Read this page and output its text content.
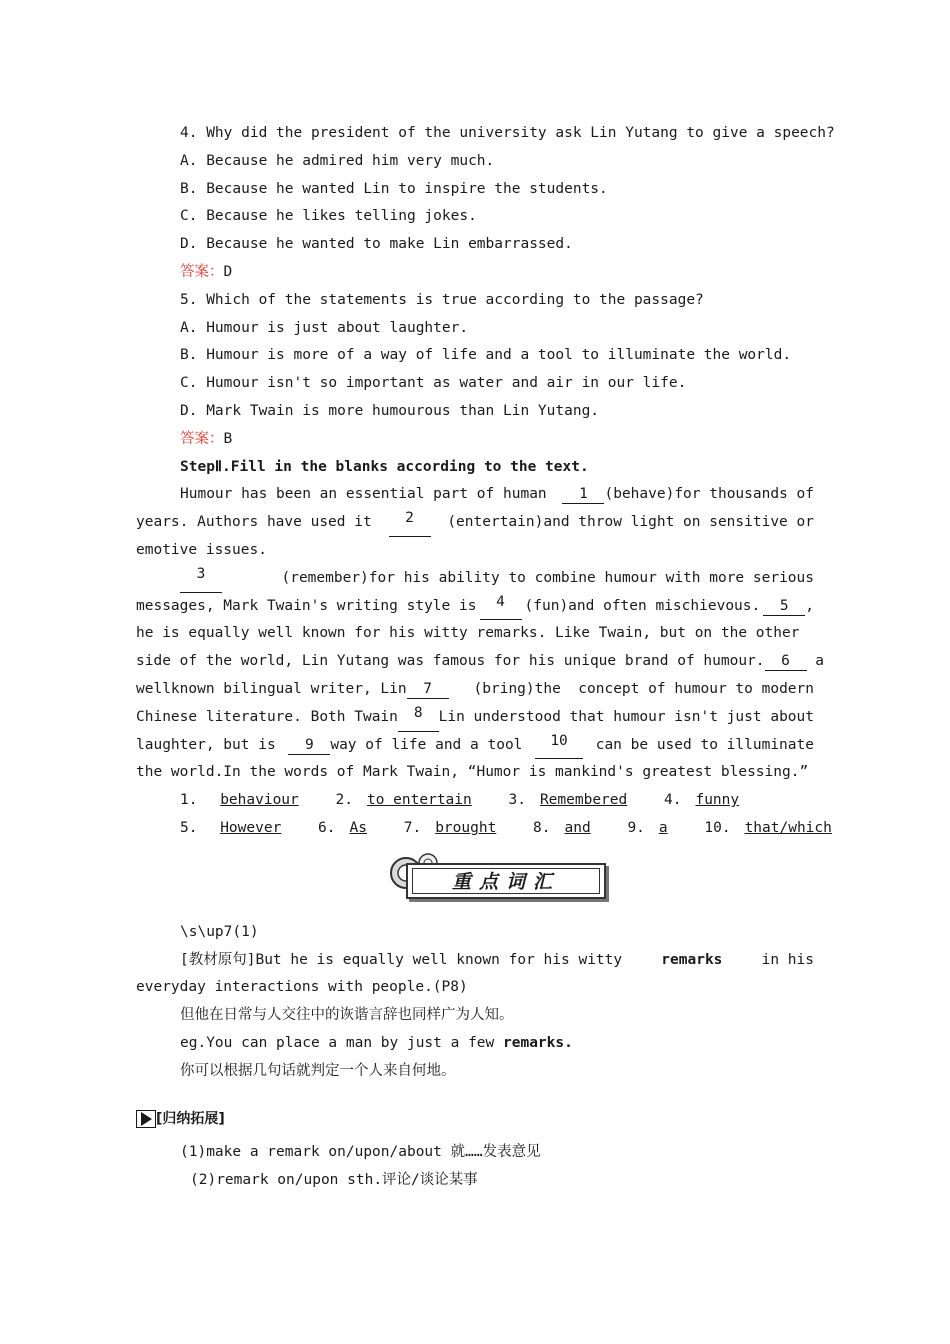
4. Why did the president of the university ask Lin Yutang to give a speech?
A. Because he admired him very much.
B. Because he wanted Lin to inspire the students.
C. Because he likes telling jokes.
D. Because he wanted to make Lin embarrassed.
答案：D
5. Which of the statements is true according to the passage?
A. Humour is just about laughter.
B. Humour is more of a way of life and a tool to illuminate the world.
C. Humour isn't so important as water and air in our life.
D. Mark Twain is more humourous than Lin Yutang.
答案：B
StepⅡ.Fill in the blanks according to the text.
Humour has been an essential part of human	1 (behave)for thousands of
years. Authors have used it	2	(entertain)and throw light on sensitive or
emotive issues.
3	(remember)for his ability to combine humour with more serious
messages, Mark Twain's writing style is	4	(fun)and often mischievous.	5 ,
he is equally well known for his witty remarks. Like Twain, but on the other
side of the world, Lin Yutang was famous for his unique brand of humour.	6 a
wellknown bilingual writer, Lin 7	(bring)the  concept of humour to modern
Chinese literature. Both Twain	8	Lin understood that humour isn't just about
laughter, but is	9 way of life and a tool	10	can be used to illuminate
the world.In the words of Mark Twain, “Humor is mankind's greatest blessing.”
1. behaviour	2. to entertain	3. Remembered	4. funny
5. However	6. As	7. brought	8. and	9. a	10. that/which
重点词汇
\s\up7(1)
[教材原句]But he is equally well known for his witty	remarks	in his
everyday interactions with people.(P8)
但他在日常与人交往中的诙谐言辞也同样广为人知。
eg.You can place a man by just a few remarks.
你可以根据几句话就判定一个人来自何地。
[归纳拓展]
(1)make a remark on/upon/about 就……发表意见
(2)remark on/upon sth.评论/谈论某事
